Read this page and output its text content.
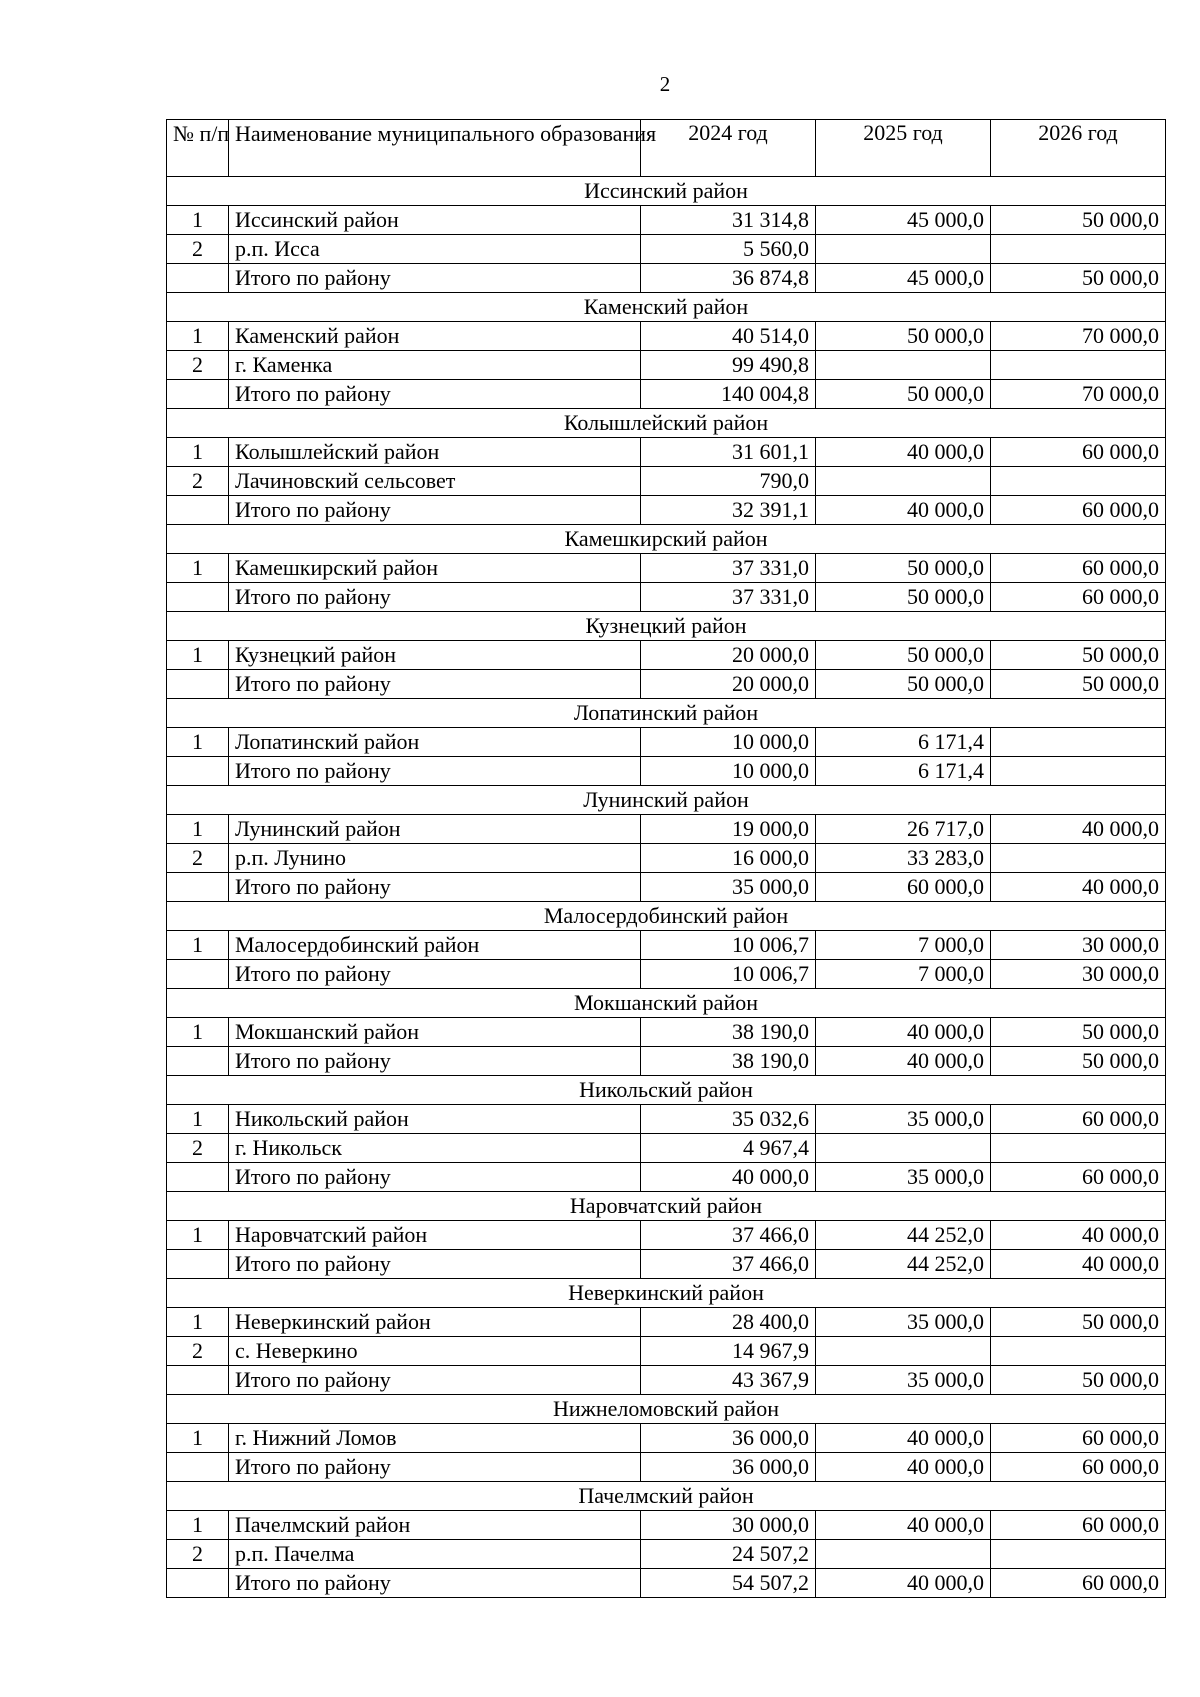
2
№ п/п	Наименование муниципального образования	2024 год	2025 год	2026 год
Иссинский район				
1	Иссинский район	31 314,8	45 000,0	50 000,0
2	р.п. Исса	5 560,0		
	Итого по району	36 874,8	45 000,0	50 000,0
Каменский район				
1	Каменский район	40 514,0	50 000,0	70 000,0
2	г. Каменка	99 490,8		
	Итого по району	140 004,8	50 000,0	70 000,0
Колышлейский район				
1	Колышлейский район	31 601,1	40 000,0	60 000,0
2	Лачиновский сельсовет	790,0		
	Итого по району	32 391,1	40 000,0	60 000,0
Камешкирский район				
1	Камешкирский район	37 331,0	50 000,0	60 000,0
	Итого по району	37 331,0	50 000,0	60 000,0
Кузнецкий район				
1	Кузнецкий район	20 000,0	50 000,0	50 000,0
	Итого по району	20 000,0	50 000,0	50 000,0
Лопатинский район				
1	Лопатинский район	10 000,0	6 171,4	
	Итого по району	10 000,0	6 171,4	
Лунинский район				
1	Лунинский район	19 000,0	26 717,0	40 000,0
2	р.п. Лунино	16 000,0	33 283,0	
	Итого по району	35 000,0	60 000,0	40 000,0
Малосердобинский район				
1	Малосердобинский район	10 006,7	7 000,0	30 000,0
	Итого по району	10 006,7	7 000,0	30 000,0
Мокшанский район				
1	Мокшанский район	38 190,0	40 000,0	50 000,0
	Итого по району	38 190,0	40 000,0	50 000,0
Никольский район				
1	Никольский район	35 032,6	35 000,0	60 000,0
2	г. Никольск	4 967,4		
	Итого по району	40 000,0	35 000,0	60 000,0
Наровчатский район				
1	Наровчатский район	37 466,0	44 252,0	40 000,0
	Итого по району	37 466,0	44 252,0	40 000,0
Неверкинский район				
1	Неверкинский район	28 400,0	35 000,0	50 000,0
2	с. Неверкино	14 967,9		
	Итого по району	43 367,9	35 000,0	50 000,0
Нижнеломовский район				
1	г. Нижний Ломов	36 000,0	40 000,0	60 000,0
	Итого по району	36 000,0	40 000,0	60 000,0
Пачелмский район				
1	Пачелмский район	30 000,0	40 000,0	60 000,0
2	р.п. Пачелма	24 507,2		
	Итого по району	54 507,2	40 000,0	60 000,0
